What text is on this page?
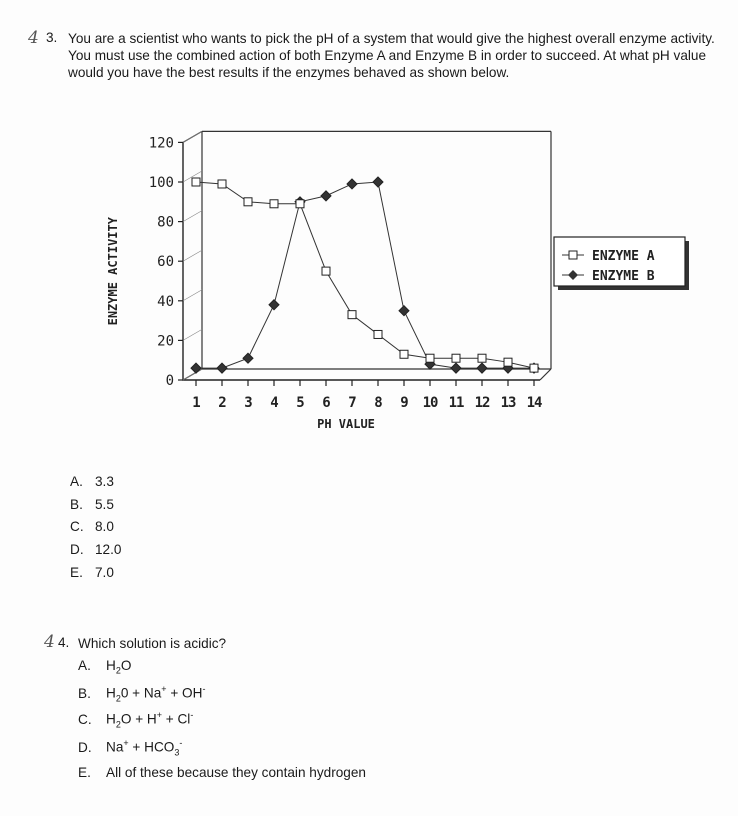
4 3. You are a scientist who wants to pick the pH of a system that would give the highest overall enzyme activity. You must use the combined action of both Enzyme A and Enzyme B in order to succeed. At what pH value would you have the best results if the enzymes behaved as shown below.
0
20
40
60
80
100
120
1 2 3 4 5 6 7 8 9 10 11 12 13 14
PH VALUE
ENZYME ACTIVITY	ENZYME A
ENZYME B
A. 3.3
B. 5.5
C. 8.0
D. 12.0
E. 7.0
4 4. Which solution is acidic?
A. $H_2O$
B. $H_20 + Na^+ + OH^-$
C. $H_2O + H^+ + Cl^-$
D. $Na^+ + HCO_3^-$
E. All of these because they contain hydrogen
